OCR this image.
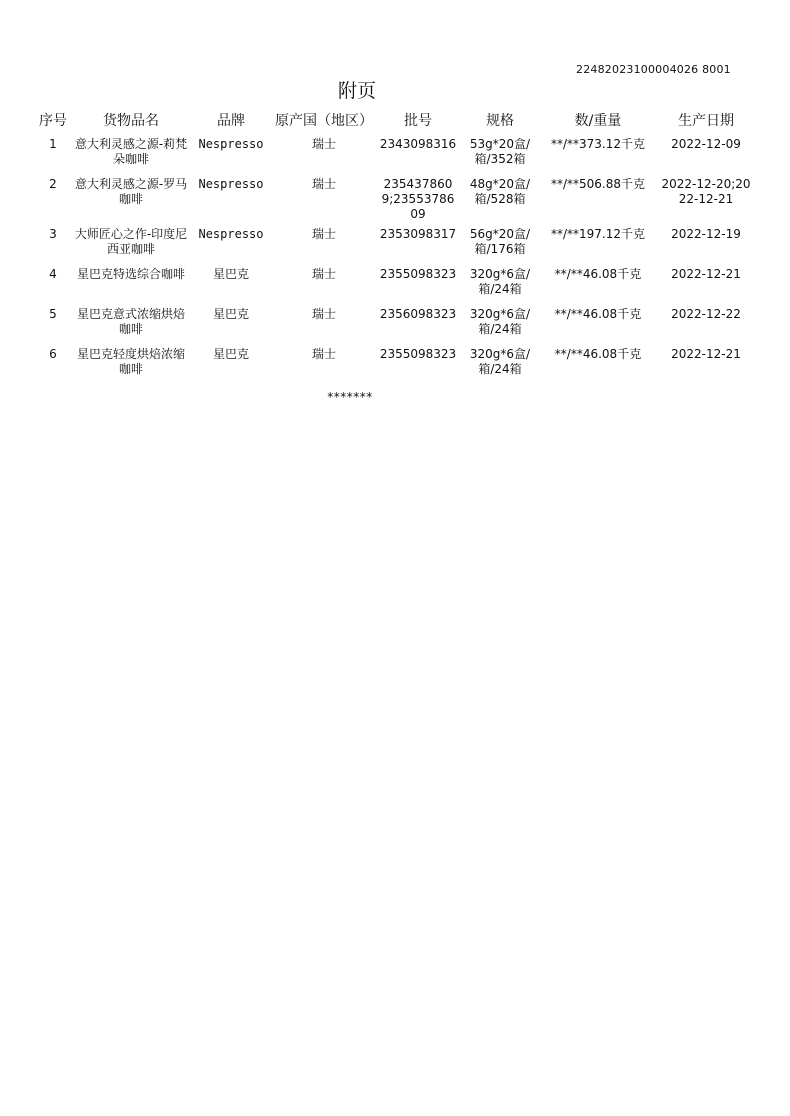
22482023100004026 8001
附页
序号	货物品名	品牌	原产国（地区）	批号	规格	数/重量	生产日期
1	意大利灵感之源-莉梵朵咖啡	Nespresso	瑞士	2343098316	53g*20盒/箱/352箱	**/**373.12千克	2022-12-09
2	意大利灵感之源-罗马咖啡	Nespresso	瑞士	2354378609;2355378609	48g*20盒/箱/528箱	**/**506.88千克	2022-12-20;2022-12-21
3	大师匠心之作-印度尼西亚咖啡	Nespresso	瑞士	2353098317	56g*20盒/箱/176箱	**/**197.12千克	2022-12-19
4	星巴克特选综合咖啡	星巴克	瑞士	2355098323	320g*6盒/箱/24箱	**/**46.08千克	2022-12-21
5	星巴克意式浓缩烘焙咖啡	星巴克	瑞士	2356098323	320g*6盒/箱/24箱	**/**46.08千克	2022-12-22
6	星巴克轻度烘焙浓缩咖啡	星巴克	瑞士	2355098323	320g*6盒/箱/24箱	**/**46.08千克	2022-12-21
*******
